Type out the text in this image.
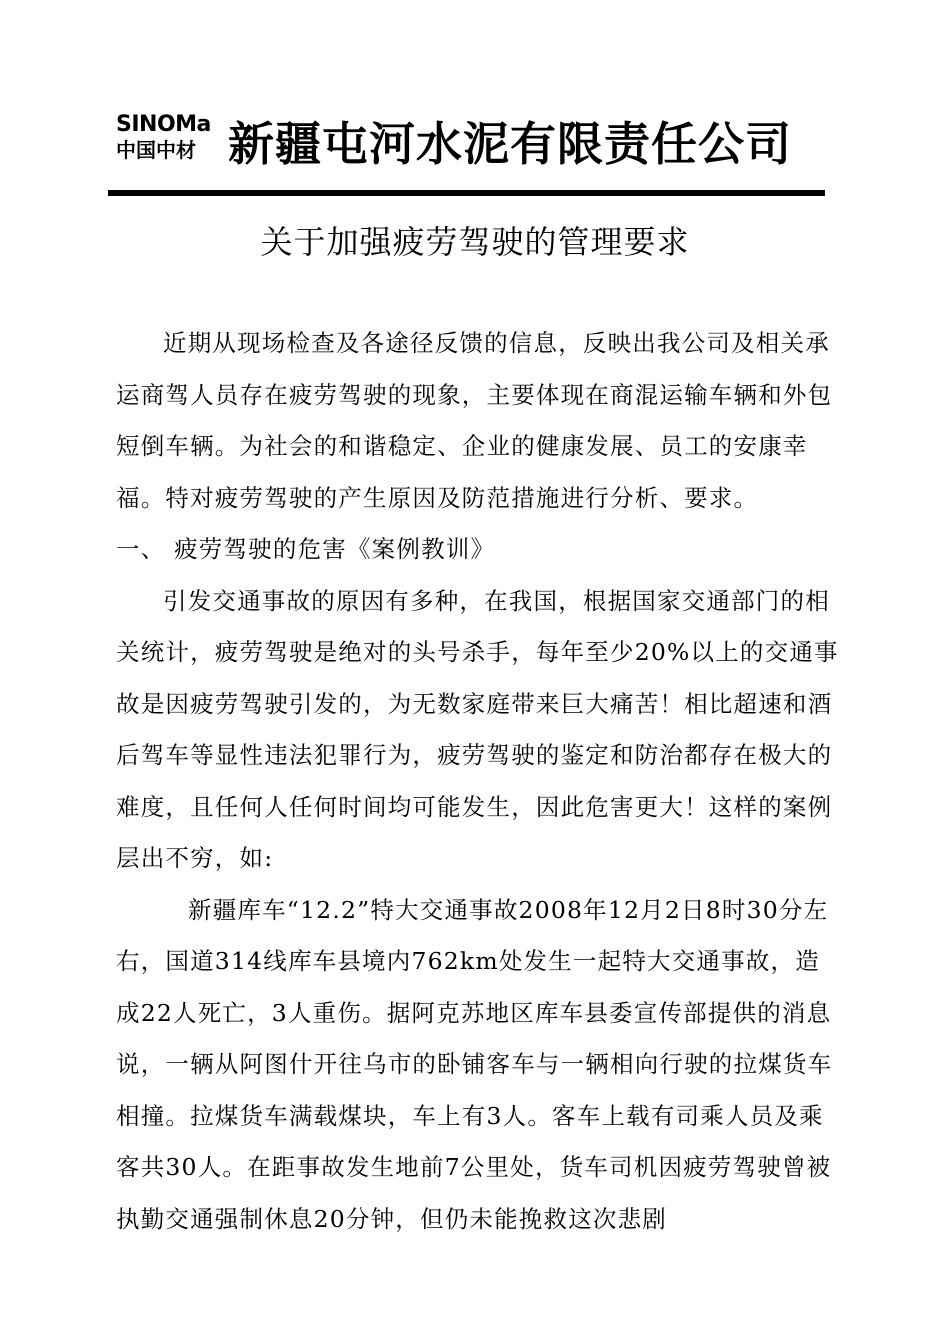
SINOMa
中国中材 新疆屯河水泥有限责任公司
关于加强疲劳驾驶的管理要求

近期从现场检查及各途径反馈的信息，反映出我公司及相关承运商驾人员存在疲劳驾驶的现象，主要体现在商混运输车辆和外包短倒车辆。为社会的和谐稳定、企业的健康发展、员工的安康幸福。特对疲劳驾驶的产生原因及防范措施进行分析、要求。

一、 疲劳驾驶的危害《案例教训》

引发交通事故的原因有多种，在我国，根据国家交通部门的相关统计，疲劳驾驶是绝对的头号杀手，每年至少20%以上的交通事故是因疲劳驾驶引发的，为无数家庭带来巨大痛苦！相比超速和酒后驾车等显性违法犯罪行为，疲劳驾驶的鉴定和防治都存在极大的难度，且任何人任何时间均可能发生，因此危害更大！这样的案例层出不穷，如:

新疆库车“12.2”特大交通事故2008年12月2日8时30分左右，国道314线库车县境内762km处发生一起特大交通事故，造成22人死亡，3人重伤。据阿克苏地区库车县委宣传部提供的消息说，一辆从阿图什开往乌市的卧铺客车与一辆相向行驶的拉煤货车相撞。拉煤货车满载煤块，车上有3人。客车上载有司乘人员及乘客共30人。在距事故发生地前7公里处，货车司机因疲劳驾驶曾被执勤交通强制休息20分钟，但仍未能挽救这次悲剧
